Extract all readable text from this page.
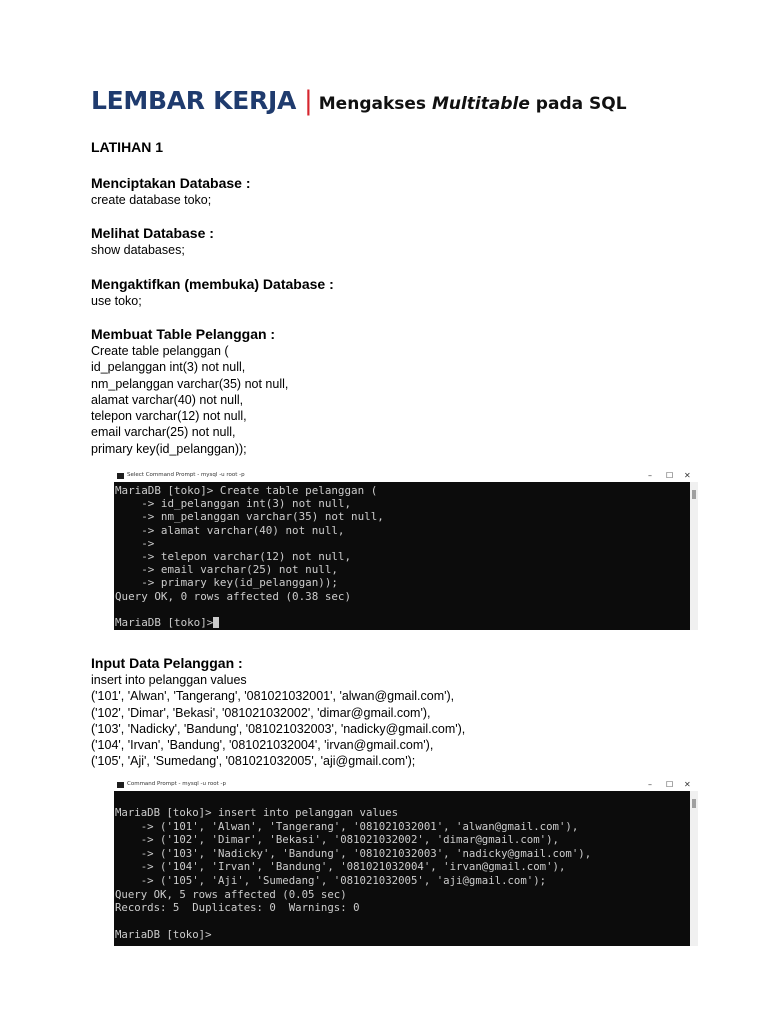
LEMBAR KERJA | Mengakses Multitable pada SQL
LATIHAN 1
Menciptakan Database :
create database toko;
Melihat Database :
show databases;
Mengaktifkan (membuka) Database :
use toko;
Membuat Table Pelanggan :
Create table pelanggan (
id_pelanggan int(3) not null,
nm_pelanggan varchar(35) not null,
alamat varchar(40) not null,
telepon varchar(12) not null,
email varchar(25) not null,
primary key(id_pelanggan));
Select Command Prompt - mysql -u root -p	– ☐ ✕
MariaDB [toko]> Create table pelanggan (
-> id_pelanggan int(3) not null,
-> nm_pelanggan varchar(35) not null,
-> alamat varchar(40) not null,
->
-> telepon varchar(12) not null,
-> email varchar(25) not null,
-> primary key(id_pelanggan));
Query OK, 0 rows affected (0.38 sec)
MariaDB [toko]>
Input Data Pelanggan :
insert into pelanggan values
('101', 'Alwan', 'Tangerang', '081021032001', 'alwan@gmail.com'),
('102', 'Dimar', 'Bekasi', '081021032002', 'dimar@gmail.com'),
('103', 'Nadicky', 'Bandung', '081021032003', 'nadicky@gmail.com'),
('104', 'Irvan', 'Bandung', '081021032004', 'irvan@gmail.com'),
('105', 'Aji', 'Sumedang', '081021032005', 'aji@gmail.com');
Command Prompt - mysql -u root -p	– ☐ ✕
MariaDB [toko]> insert into pelanggan values
-> ('101', 'Alwan', 'Tangerang', '081021032001', 'alwan@gmail.com'),
-> ('102', 'Dimar', 'Bekasi', '081021032002', 'dimar@gmail.com'),
-> ('103', 'Nadicky', 'Bandung', '081021032003', 'nadicky@gmail.com'),
-> ('104', 'Irvan', 'Bandung', '081021032004', 'irvan@gmail.com'),
-> ('105', 'Aji', 'Sumedang', '081021032005', 'aji@gmail.com');
Query OK, 5 rows affected (0.05 sec)
Records: 5  Duplicates: 0  Warnings: 0
MariaDB [toko]>
